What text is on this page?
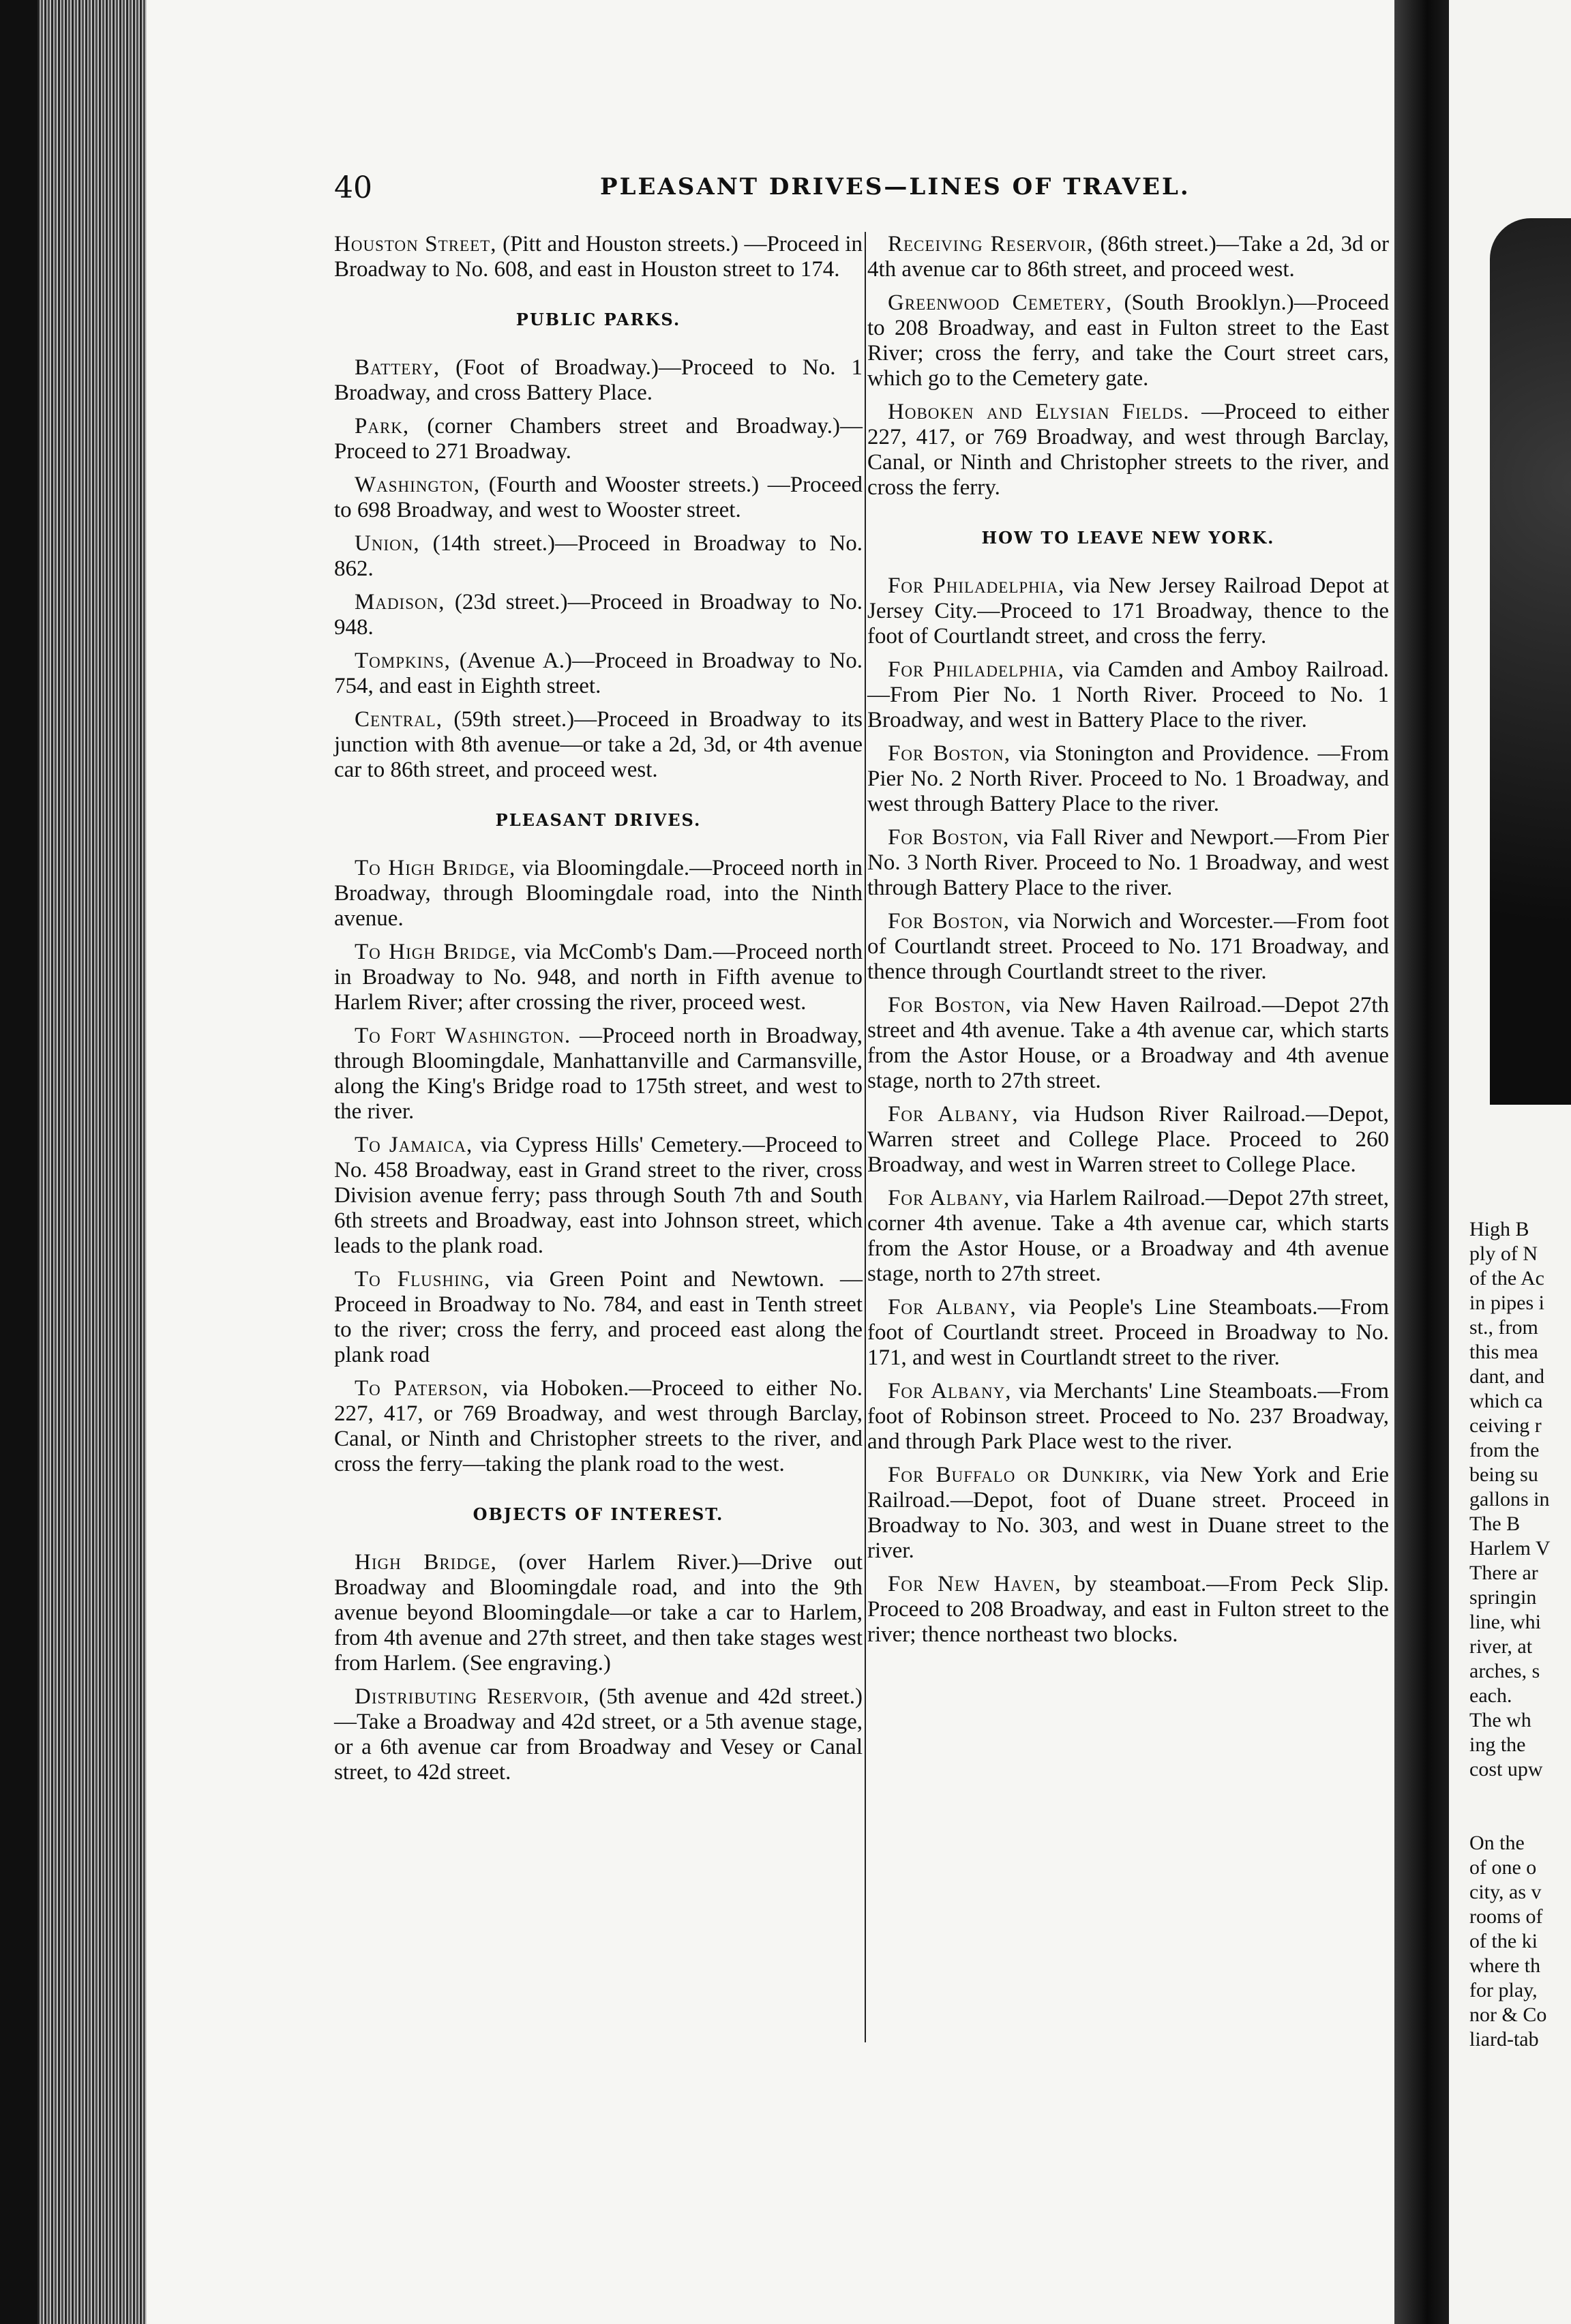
High B
ply of N
of the Ac
in pipes i
st., from
this mea
dant, and
which ca
ceiving r
from the
being su
gallons in
The B
Harlem V
There ar
springin
line, whi
river, at
arches, s
each.
The wh
ing the
cost upw
On the
of one o
city, as v
rooms of
of the ki
where th
for play,
nor & Co
liard-tab
40	PLEASANT DRIVES—LINES OF TRAVEL.

Houston Street, (Pitt and Houston streets.) —Proceed in Broadway to No. 608, and east in Houston street to 174.

PUBLIC PARKS.

Battery, (Foot of Broadway.)—Proceed to No. 1 Broadway, and cross Battery Place.

Park, (corner Chambers street and Broadway.)—Proceed to 271 Broadway.

Washington, (Fourth and Wooster streets.) —Proceed to 698 Broadway, and west to Wooster street.

Union, (14th street.)—Proceed in Broadway to No. 862.

Madison, (23d street.)—Proceed in Broadway to No. 948.

Tompkins, (Avenue A.)—Proceed in Broadway to No. 754, and east in Eighth street.

Central, (59th street.)—Proceed in Broadway to its junction with 8th avenue—or take a 2d, 3d, or 4th avenue car to 86th street, and proceed west.

PLEASANT DRIVES.

To High Bridge, via Bloomingdale.—Proceed north in Broadway, through Bloomingdale road, into the Ninth avenue.

To High Bridge, via McComb's Dam.—Proceed north in Broadway to No. 948, and north in Fifth avenue to Harlem River; after crossing the river, proceed west.

To Fort Washington. —Proceed north in Broadway, through Bloomingdale, Manhattanville and Carmansville, along the King's Bridge road to 175th street, and west to the river.

To Jamaica, via Cypress Hills' Cemetery.—Proceed to No. 458 Broadway, east in Grand street to the river, cross Division avenue ferry; pass through South 7th and South 6th streets and Broadway, east into Johnson street, which leads to the plank road.

To Flushing, via Green Point and Newtown. —Proceed in Broadway to No. 784, and east in Tenth street to the river; cross the ferry, and proceed east along the plank road

To Paterson, via Hoboken.—Proceed to either No. 227, 417, or 769 Broadway, and west through Barclay, Canal, or Ninth and Christopher streets to the river, and cross the ferry—taking the plank road to the west.

OBJECTS OF INTEREST.

High Bridge, (over Harlem River.)—Drive out Broadway and Bloomingdale road, and into the 9th avenue beyond Bloomingdale—or take a car to Harlem, from 4th avenue and 27th street, and then take stages west from Harlem. (See engraving.)

Distributing Reservoir, (5th avenue and 42d street.)—Take a Broadway and 42d street, or a 5th avenue stage, or a 6th avenue car from Broadway and Vesey or Canal street, to 42d street.

Receiving Reservoir, (86th street.)—Take a 2d, 3d or 4th avenue car to 86th street, and proceed west.

Greenwood Cemetery, (South Brooklyn.)—Proceed to 208 Broadway, and east in Fulton street to the East River; cross the ferry, and take the Court street cars, which go to the Cemetery gate.

Hoboken and Elysian Fields. —Proceed to either 227, 417, or 769 Broadway, and west through Barclay, Canal, or Ninth and Christopher streets to the river, and cross the ferry.

HOW TO LEAVE NEW YORK.

For Philadelphia, via New Jersey Railroad Depot at Jersey City.—Proceed to 171 Broadway, thence to the foot of Courtlandt street, and cross the ferry.

For Philadelphia, via Camden and Amboy Railroad.—From Pier No. 1 North River. Proceed to No. 1 Broadway, and west in Battery Place to the river.

For Boston, via Stonington and Providence. —From Pier No. 2 North River. Proceed to No. 1 Broadway, and west through Battery Place to the river.

For Boston, via Fall River and Newport.—From Pier No. 3 North River. Proceed to No. 1 Broadway, and west through Battery Place to the river.

For Boston, via Norwich and Worcester.—From foot of Courtlandt street. Proceed to No. 171 Broadway, and thence through Courtlandt street to the river.

For Boston, via New Haven Railroad.—Depot 27th street and 4th avenue. Take a 4th avenue car, which starts from the Astor House, or a Broadway and 4th avenue stage, north to 27th street.

For Albany, via Hudson River Railroad.—Depot, Warren street and College Place. Proceed to 260 Broadway, and west in Warren street to College Place.

For Albany, via Harlem Railroad.—Depot 27th street, corner 4th avenue. Take a 4th avenue car, which starts from the Astor House, or a Broadway and 4th avenue stage, north to 27th street.

For Albany, via People's Line Steamboats.—From foot of Courtlandt street. Proceed in Broadway to No. 171, and west in Courtlandt street to the river.

For Albany, via Merchants' Line Steamboats.—From foot of Robinson street. Proceed to No. 237 Broadway, and through Park Place west to the river.

For Buffalo or Dunkirk, via New York and Erie Railroad.—Depot, foot of Duane street. Proceed in Broadway to No. 303, and west in Duane street to the river.

For New Haven, by steamboat.—From Peck Slip. Proceed to 208 Broadway, and east in Fulton street to the river; thence northeast two blocks.
